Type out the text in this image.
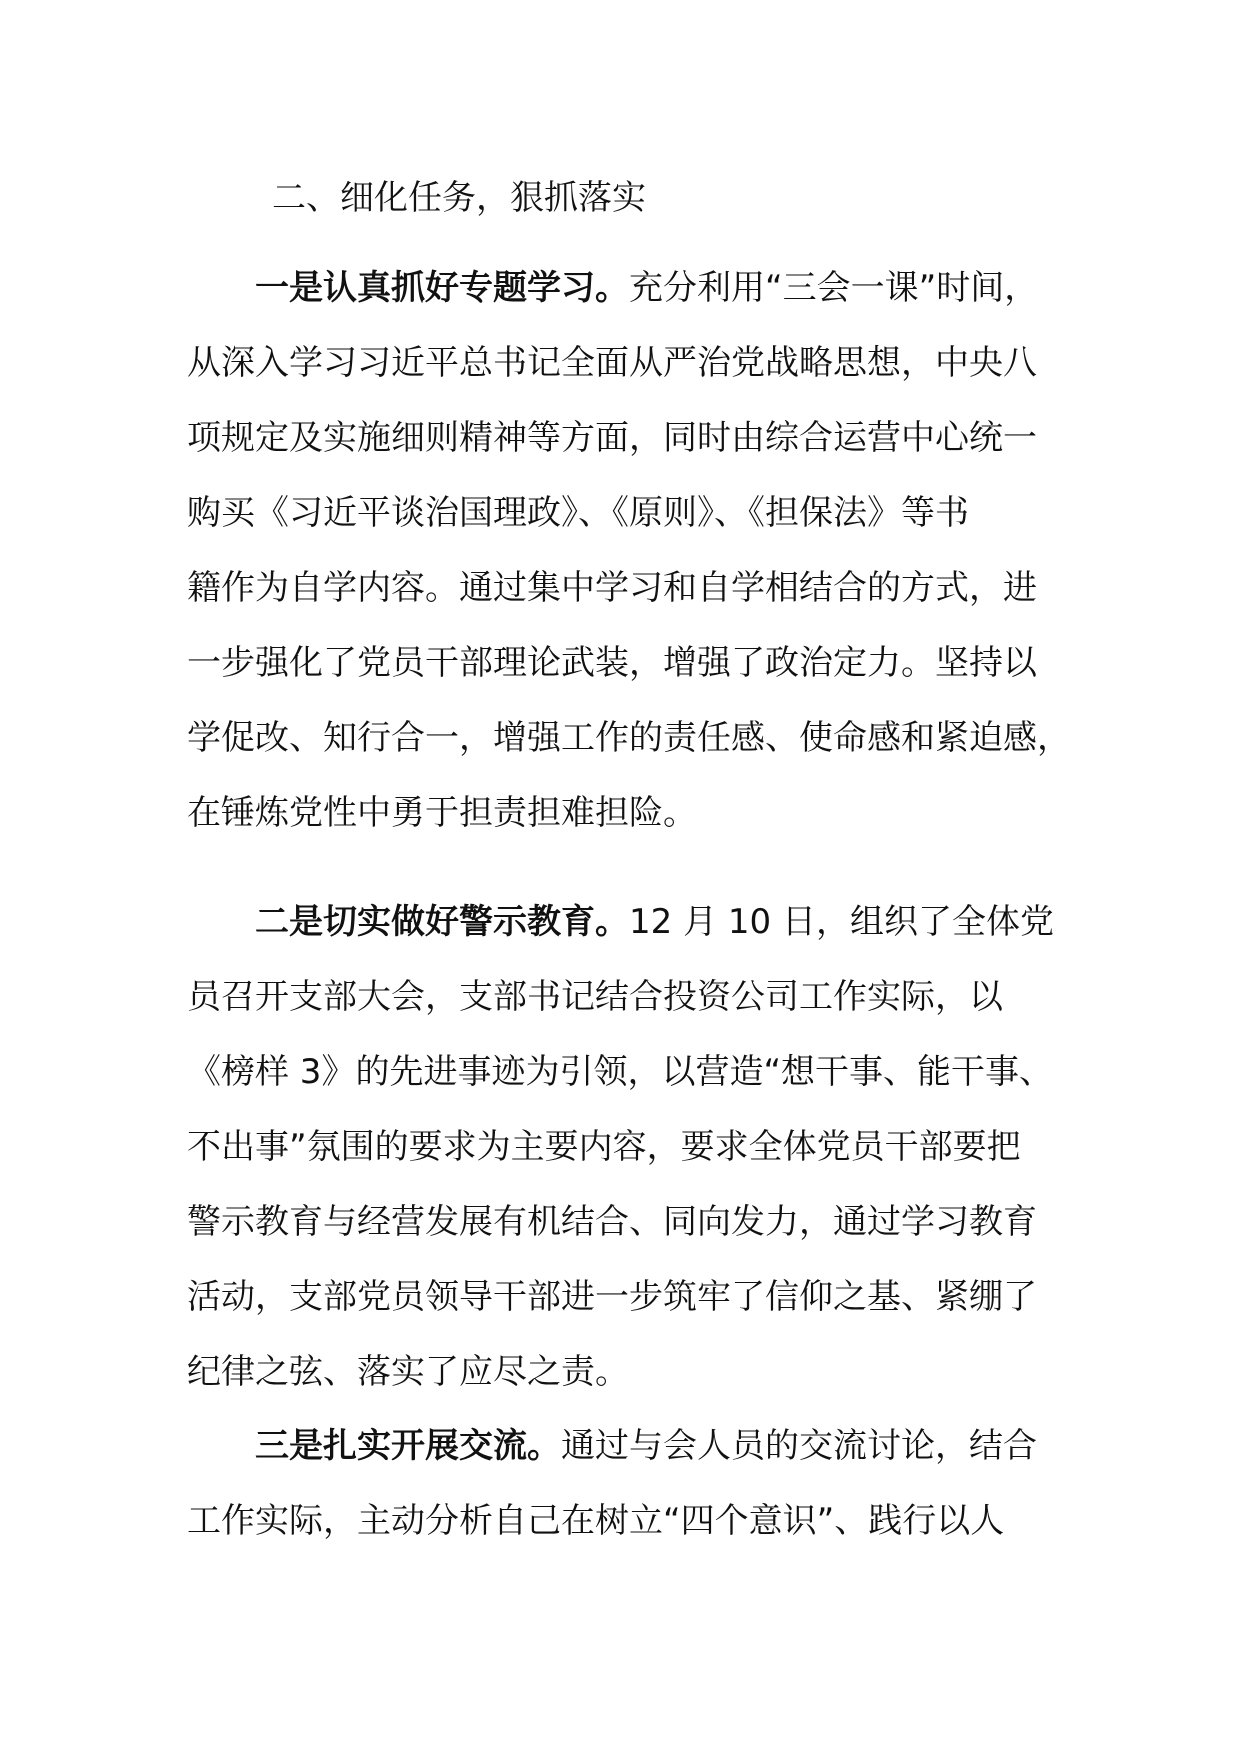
二、细化任务，狠抓落实
一是认真抓好专题学习。充分利用“三会一课”时间，
从深入学习习近平总书记全面从严治党战略思想，中央八
项规定及实施细则精神等方面，同时由综合运营中心统一
购买《习近平谈治国理政》、《原则》、《担保法》等书
籍作为自学内容。通过集中学习和自学相结合的方式，进
一步强化了党员干部理论武装，增强了政治定力。坚持以
学促改、知行合一，增强工作的责任感、使命感和紧迫感，
在锤炼党性中勇于担责担难担险。
二是切实做好警示教育。12 月 10 日，组织了全体党
员召开支部大会，支部书记结合投资公司工作实际，以
《榜样 3》的先进事迹为引领，以营造“想干事、能干事、
不出事”氛围的要求为主要内容，要求全体党员干部要把
警示教育与经营发展有机结合、同向发力，通过学习教育
活动，支部党员领导干部进一步筑牢了信仰之基、紧绷了
纪律之弦、落实了应尽之责。
三是扎实开展交流。通过与会人员的交流讨论，结合
工作实际，主动分析自己在树立“四个意识”、践行以人
